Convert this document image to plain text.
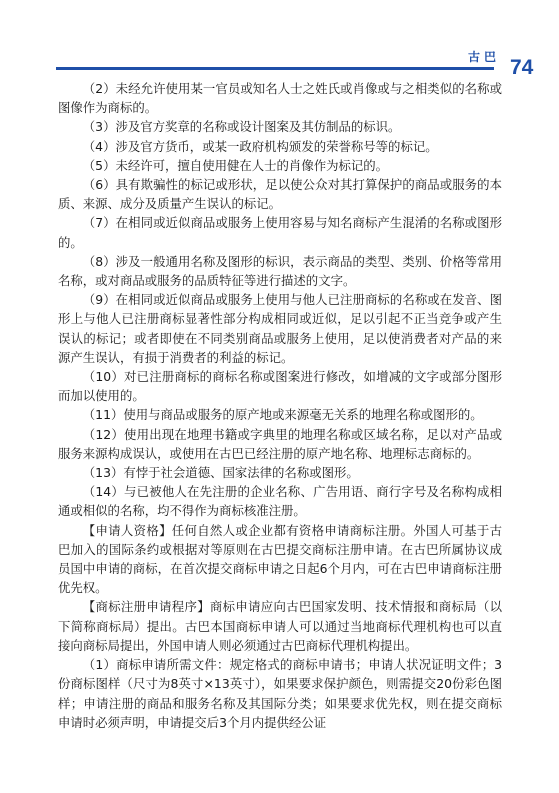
古巴 74

（2）未经允许使用某一官员或知名人士之姓氏或肖像或与之相类似的名称或图像作为商标的。

（3）涉及官方奖章的名称或设计图案及其仿制品的标识。

（4）涉及官方货币，或某一政府机构颁发的荣誉称号等的标记。

（5）未经许可，擅自使用健在人士的肖像作为标记的。

（6）具有欺骗性的标记或形状，足以使公众对其打算保护的商品或服务的本质、来源、成分及质量产生误认的标记。

（7）在相同或近似商品或服务上使用容易与知名商标产生混淆的名称或图形的。

（8）涉及一般通用名称及图形的标识，表示商品的类型、类别、价格等常用名称，或对商品或服务的品质特征等进行描述的文字。

（9）在相同或近似商品或服务上使用与他人已注册商标的名称或在发音、图形上与他人已注册商标显著性部分构成相同或近似，足以引起不正当竞争或产生误认的标记；或者即使在不同类别商品或服务上使用，足以使消费者对产品的来源产生误认，有损于消费者的利益的标记。

（10）对已注册商标的商标名称或图案进行修改，如增减的文字或部分图形而加以使用的。

（11）使用与商品或服务的原产地或来源毫无关系的地理名称或图形的。

（12）使用出现在地理书籍或字典里的地理名称或区域名称，足以对产品或服务来源构成误认，或使用在古巴已经注册的原产地名称、地理标志商标的。

（13）有悖于社会道德、国家法律的名称或图形。

（14）与已被他人在先注册的企业名称、广告用语、商行字号及名称构成相通或相似的名称，均不得作为商标核准注册。

【申请人资格】任何自然人或企业都有资格申请商标注册。外国人可基于古巴加入的国际条约或根据对等原则在古巴提交商标注册申请。在古巴所属协议成员国中申请的商标，在首次提交商标申请之日起6个月内，可在古巴申请商标注册优先权。

【商标注册申请程序】商标申请应向古巴国家发明、技术情报和商标局（以下简称商标局）提出。古巴本国商标申请人可以通过当地商标代理机构也可以直接向商标局提出，外国申请人则必须通过古巴商标代理机构提出。

（1）商标申请所需文件：规定格式的商标申请书；申请人状况证明文件；3份商标图样（尺寸为8英寸×13英寸），如果要求保护颜色，则需提交20份彩色图样；申请注册的商品和服务名称及其国际分类；如果要求优先权，则在提交商标申请时必须声明，申请提交后3个月内提供经公证
